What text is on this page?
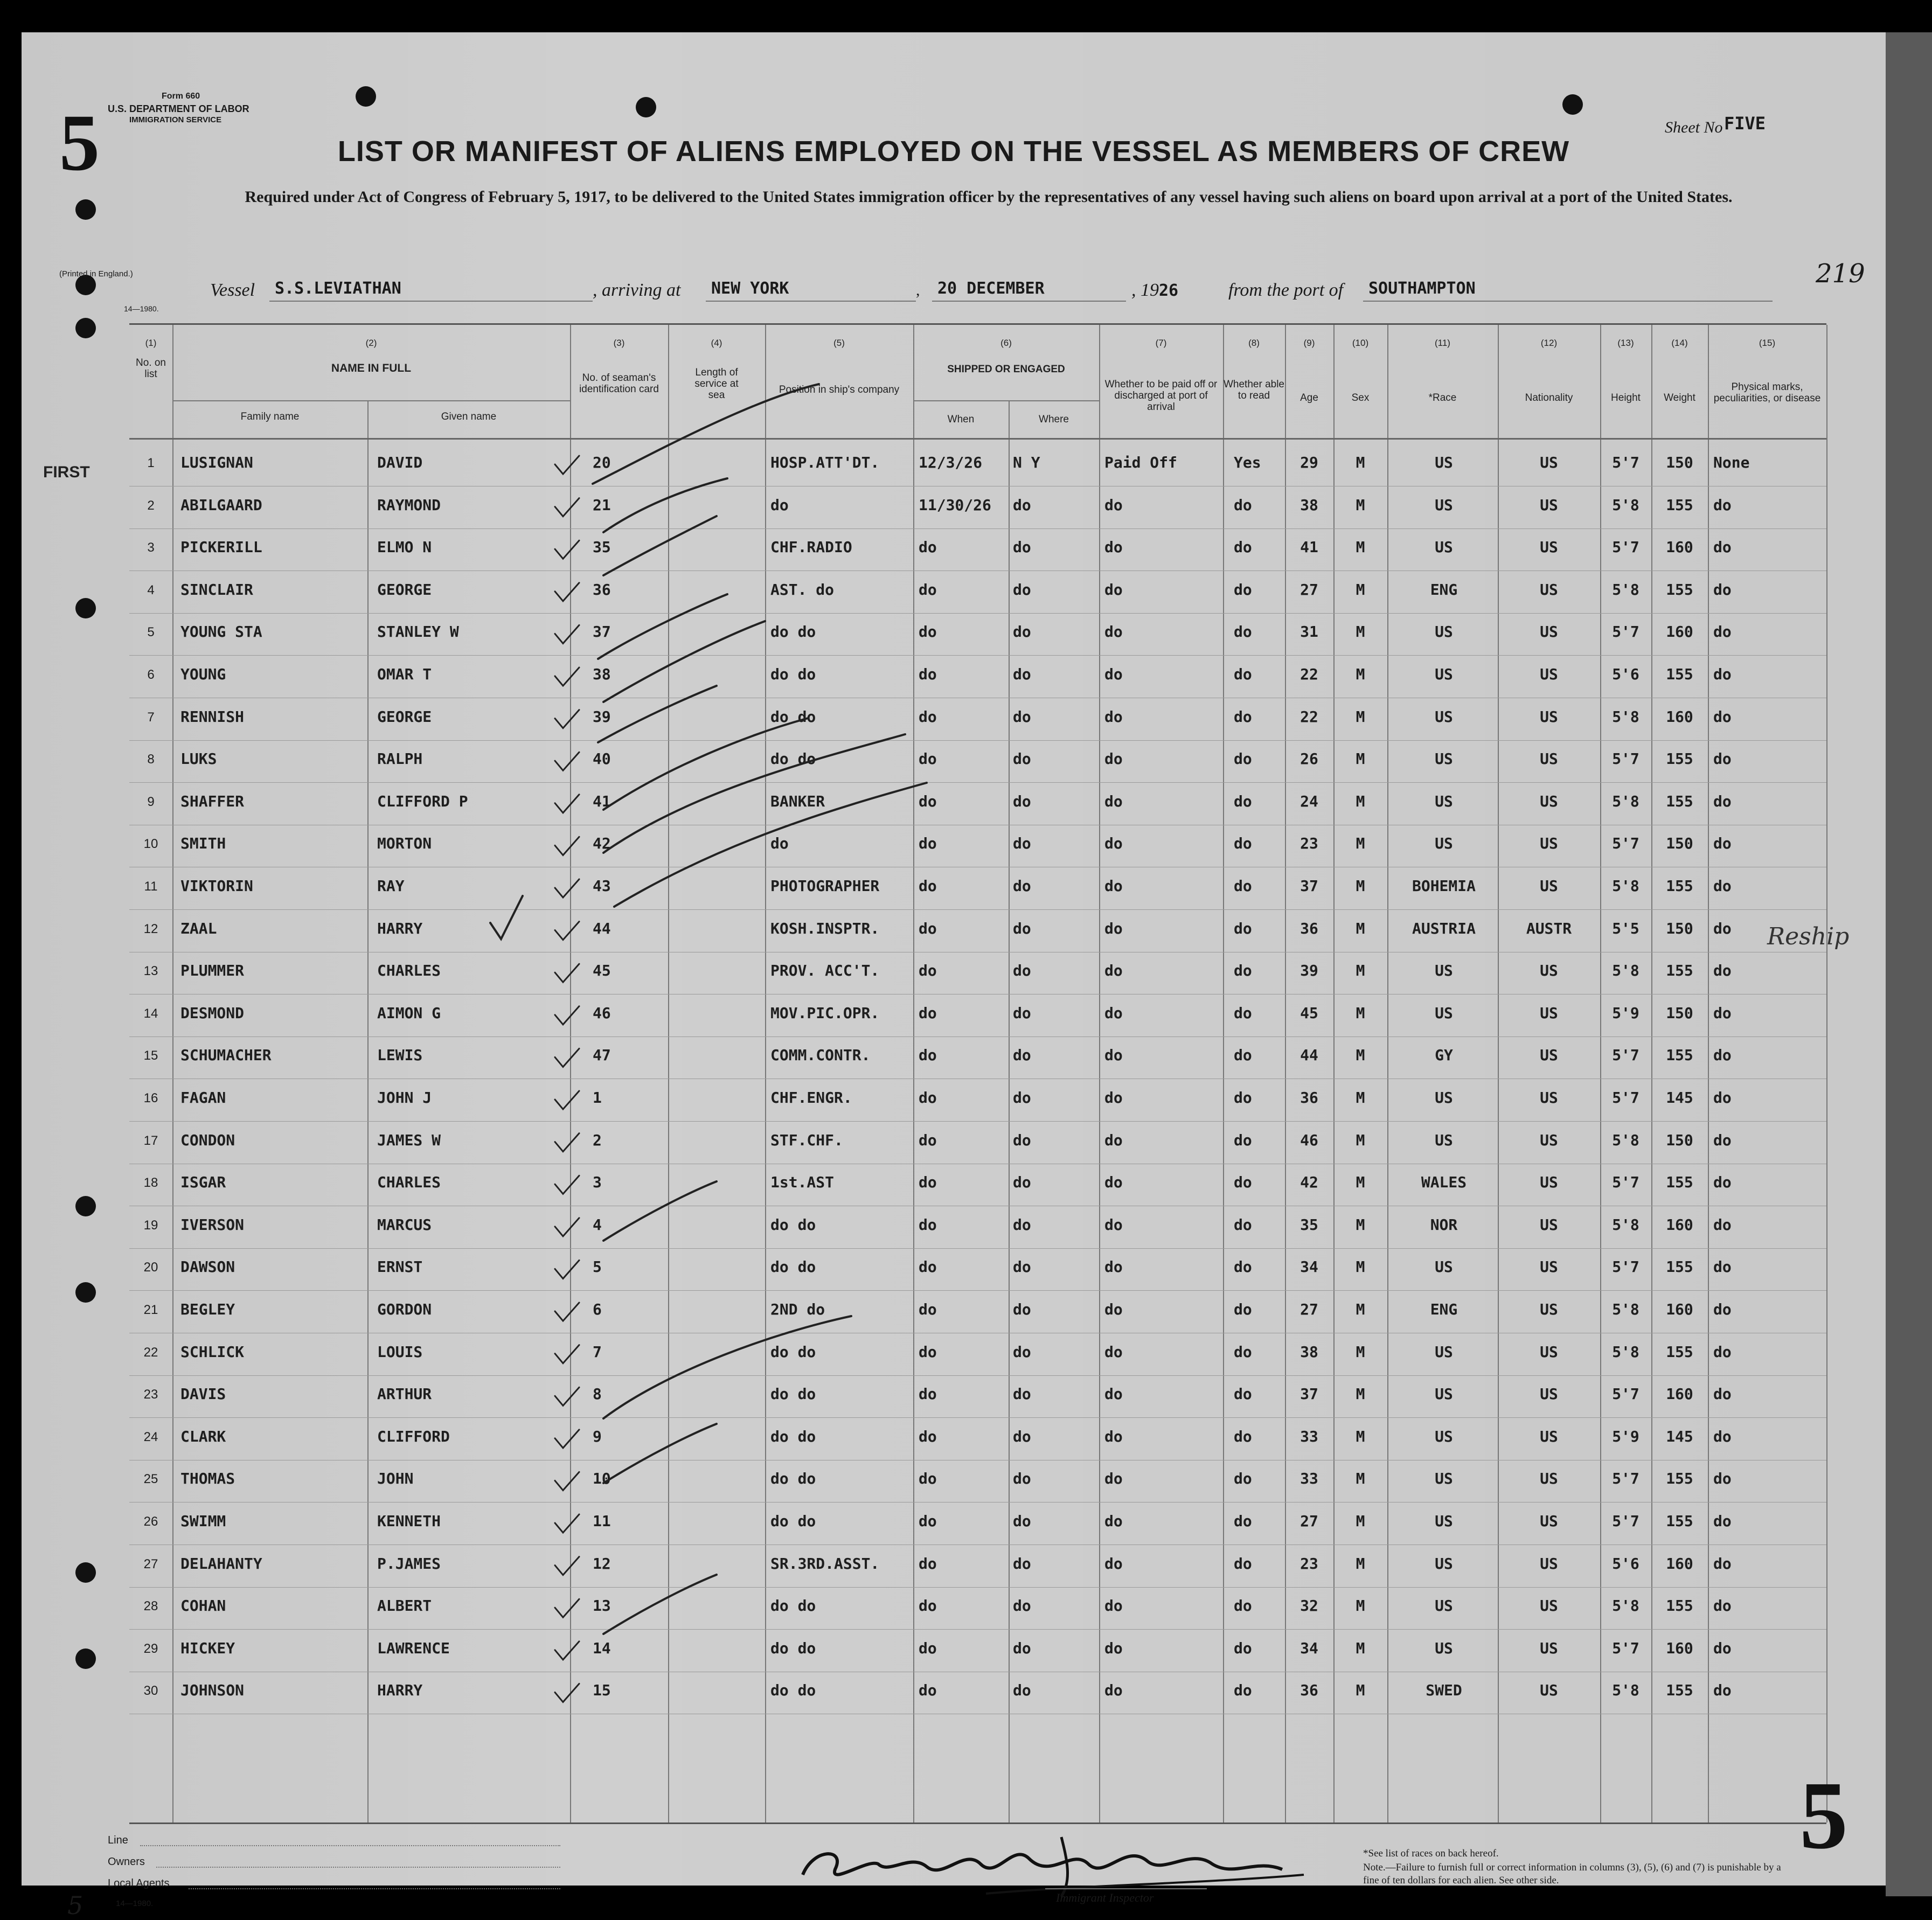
5
Form 660
U.S. DEPARTMENT OF LABOR
IMMIGRATION SERVICE
(Printed in England.)
14—1980.
Sheet No FIVE
219
LIST OR MANIFEST OF ALIENS EMPLOYED ON THE VESSEL AS MEMBERS OF CREW
Required under Act of Congress of February 5, 1917, to be delivered to the United States immigration officer by the representatives of any vessel having such aliens on board upon arrival at a port of the United States.
Vessel S.S.LEVIATHAN	, arriving at NEW YORK	, 20 DECEMBER	, 1926	from the port of SOUTHAMPTON
FIRST
(1)	(2)	(3)	(4)	(5)	(6)	(7)	(8)	(9)	(10)	(11)	(12)	(13)	(14)	(15)
No. on list	NAME IN FULL
Family name	Given name
No. of seaman's identification card
Length of service at sea	Position in ship's company
SHIPPED OR ENGAGED
When	Where
Whether to be paid off or discharged at port of arrival
Whether able to read	Age	Sex	*Race	Nationality	Height	Weight
Physical marks, peculiarities, or disease
1	LUSIGNAN	DAVID	20	HOSP.ATT'DT.	12/3/26	N Y	Paid Off	Yes	29	M	US	US	5'7	150	None
2	ABILGAARD	RAYMOND	21	do	11/30/26	do	do	do	38	M	US	US	5'8	155	do
3	PICKERILL	ELMO N	35	CHF.RADIO	do	do	do	do	41	M	US	US	5'7	160	do
4	SINCLAIR	GEORGE	36	AST. do	do	do	do	do	27	M	ENG	US	5'8	155	do
5	YOUNG STA	STANLEY W	37	do do	do	do	do	do	31	M	US	US	5'7	160	do
6	YOUNG	OMAR T	38	do do	do	do	do	do	22	M	US	US	5'6	155	do
7	RENNISH	GEORGE	39	do do	do	do	do	do	22	M	US	US	5'8	160	do
8	LUKS	RALPH	40	do do	do	do	do	do	26	M	US	US	5'7	155	do
9	SHAFFER	CLIFFORD P	41	BANKER	do	do	do	do	24	M	US	US	5'8	155	do
10	SMITH	MORTON	42	do	do	do	do	do	23	M	US	US	5'7	150	do
11	VIKTORIN	RAY	43	PHOTOGRAPHER	do	do	do	do	37	M	BOHEMIA	US	5'8	155	do
12	ZAAL	HARRY	44	KOSH.INSPTR.	do	do	do	do	36	M	AUSTRIA	AUSTR	5'5	150	do
13	PLUMMER	CHARLES	45	PROV. ACC'T.	do	do	do	do	39	M	US	US	5'8	155	do
14	DESMOND	AIMON G	46	MOV.PIC.OPR.	do	do	do	do	45	M	US	US	5'9	150	do
15	SCHUMACHER	LEWIS	47	COMM.CONTR.	do	do	do	do	44	M	GY	US	5'7	155	do
16	FAGAN	JOHN J	1	CHF.ENGR.	do	do	do	do	36	M	US	US	5'7	145	do
17	CONDON	JAMES W	2	STF.CHF.	do	do	do	do	46	M	US	US	5'8	150	do
18	ISGAR	CHARLES	3	1st.AST	do	do	do	do	42	M	WALES	US	5'7	155	do
19	IVERSON	MARCUS	4	do do	do	do	do	do	35	M	NOR	US	5'8	160	do
20	DAWSON	ERNST	5	do do	do	do	do	do	34	M	US	US	5'7	155	do
21	BEGLEY	GORDON	6	2ND do	do	do	do	do	27	M	ENG	US	5'8	160	do
22	SCHLICK	LOUIS	7	do do	do	do	do	do	38	M	US	US	5'8	155	do
23	DAVIS	ARTHUR	8	do do	do	do	do	do	37	M	US	US	5'7	160	do
24	CLARK	CLIFFORD	9	do do	do	do	do	do	33	M	US	US	5'9	145	do
25	THOMAS	JOHN	10	do do	do	do	do	do	33	M	US	US	5'7	155	do
26	SWIMM	KENNETH	11	do do	do	do	do	do	27	M	US	US	5'7	155	do
27	DELAHANTY	P.JAMES	12	SR.3RD.ASST.	do	do	do	do	23	M	US	US	5'6	160	do
28	COHAN	ALBERT	13	do do	do	do	do	do	32	M	US	US	5'8	155	do
29	HICKEY	LAWRENCE	14	do do	do	do	do	do	34	M	US	US	5'7	160	do
30	JOHNSON	HARRY	15	do do	do	do	do	do	36	M	SWED	US	5'8	155	do
Reship
Line
Owners
Local Agents
14—1980.
5	Immigrant Inspector
*See list of races on back hereof.
Note.—Failure to furnish full or correct information in columns (3), (5), (6) and (7) is punishable by a fine of ten dollars for each alien. See other side.
5
